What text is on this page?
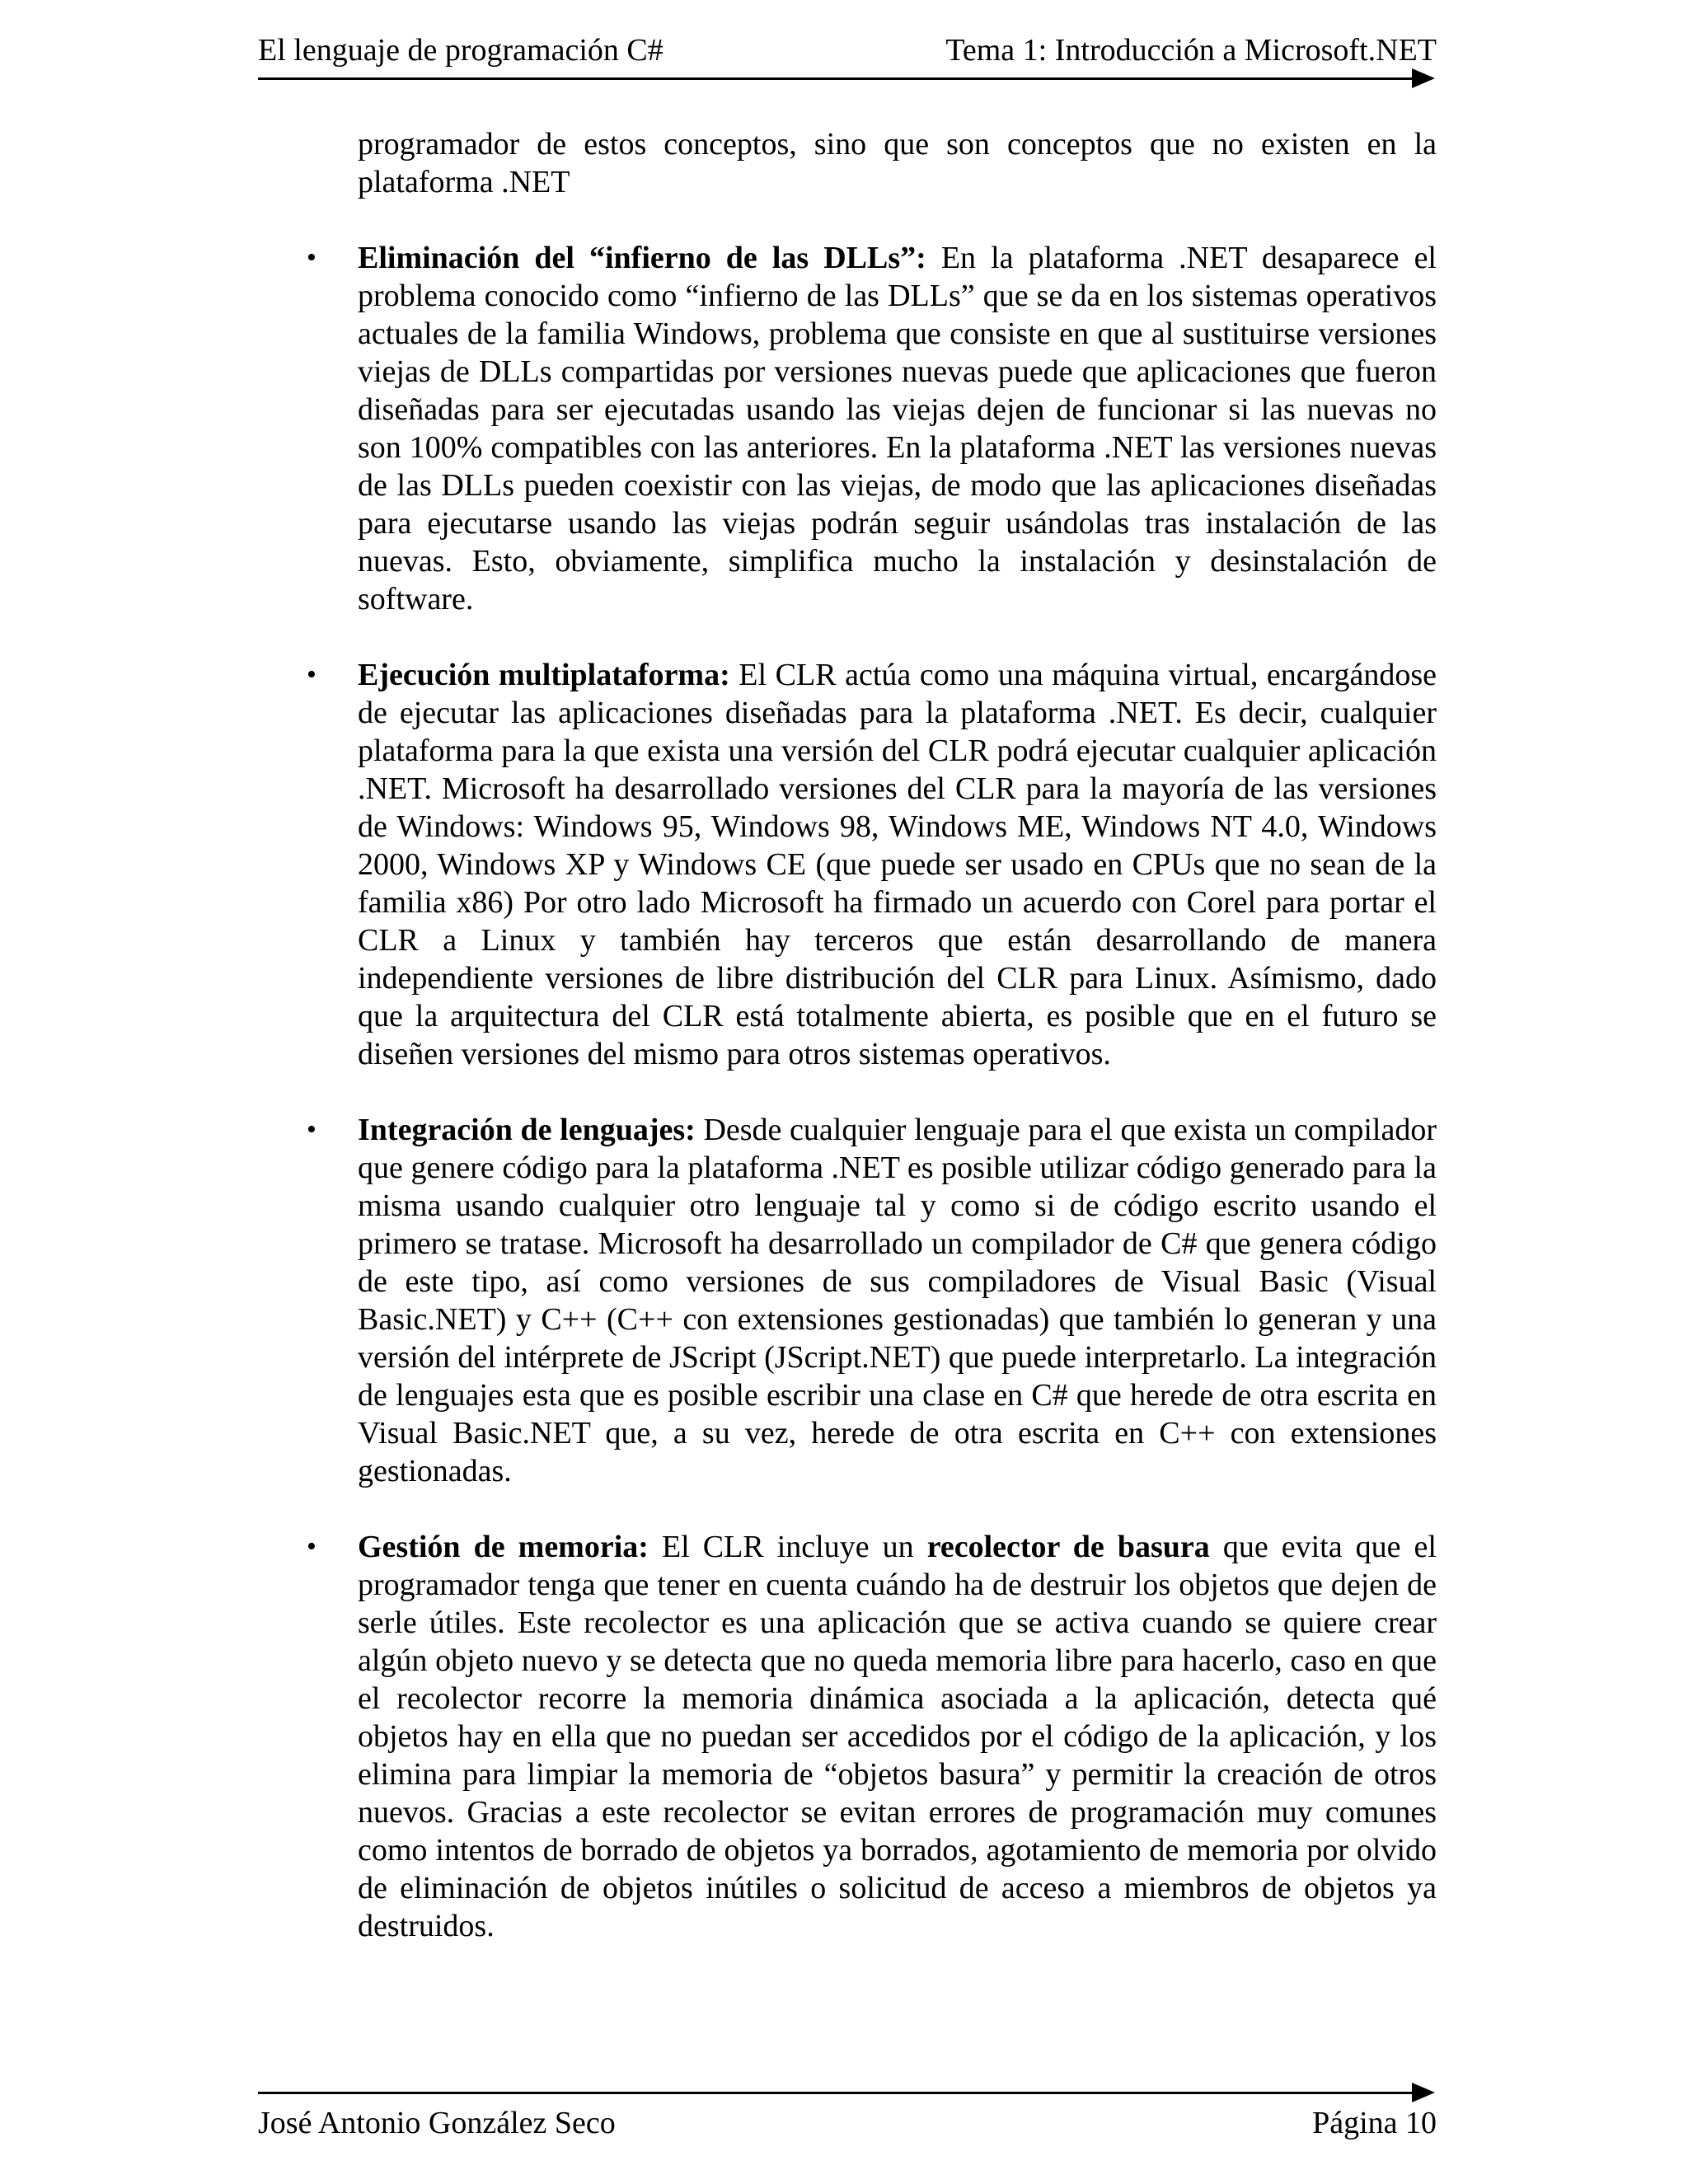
El lenguaje de programación C#	Tema 1: Introducción a Microsoft.NET

programador de estos conceptos, sino que son conceptos que no existen en la plataforma .NET

• Eliminación del “infierno de las DLLs”: En la plataforma .NET desaparece el problema conocido como “infierno de las DLLs” que se da en los sistemas operativos actuales de la familia Windows, problema que consiste en que al sustituirse versiones viejas de DLLs compartidas por versiones nuevas puede que aplicaciones que fueron diseñadas para ser ejecutadas usando las viejas dejen de funcionar si las nuevas no son 100% compatibles con las anteriores. En la plataforma .NET las versiones nuevas de las DLLs pueden coexistir con las viejas, de modo que las aplicaciones diseñadas para ejecutarse usando las viejas podrán seguir usándolas tras instalación de las nuevas. Esto, obviamente, simplifica mucho la instalación y desinstalación de software.
• Ejecución multiplataforma: El CLR actúa como una máquina virtual, encargándose de ejecutar las aplicaciones diseñadas para la plataforma .NET. Es decir, cualquier plataforma para la que exista una versión del CLR podrá ejecutar cualquier aplicación .NET. Microsoft ha desarrollado versiones del CLR para la mayoría de las versiones de Windows: Windows 95, Windows 98, Windows ME, Windows NT 4.0, Windows 2000, Windows XP y Windows CE (que puede ser usado en CPUs que no sean de la familia x86) Por otro lado Microsoft ha firmado un acuerdo con Corel para portar el CLR a Linux y también hay terceros que están desarrollando de manera independiente versiones de libre distribución del CLR para Linux. Asímismo, dado que la arquitectura del CLR está totalmente abierta, es posible que en el futuro se diseñen versiones del mismo para otros sistemas operativos.
• Integración de lenguajes: Desde cualquier lenguaje para el que exista un compilador que genere código para la plataforma .NET es posible utilizar código generado para la misma usando cualquier otro lenguaje tal y como si de código escrito usando el primero se tratase. Microsoft ha desarrollado un compilador de C# que genera código de este tipo, así como versiones de sus compiladores de Visual Basic (Visual Basic.NET) y C++ (C++ con extensiones gestionadas) que también lo generan y una versión del intérprete de JScript (JScript.NET) que puede interpretarlo. La integración de lenguajes esta que es posible escribir una clase en C# que herede de otra escrita en Visual Basic.NET que, a su vez, herede de otra escrita en C++ con extensiones gestionadas.
• Gestión de memoria: El CLR incluye un recolector de basura que evita que el programador tenga que tener en cuenta cuándo ha de destruir los objetos que dejen de serle útiles. Este recolector es una aplicación que se activa cuando se quiere crear algún objeto nuevo y se detecta que no queda memoria libre para hacerlo, caso en que el recolector recorre la memoria dinámica asociada a la aplicación, detecta qué objetos hay en ella que no puedan ser accedidos por el código de la aplicación, y los elimina para limpiar la memoria de “objetos basura” y permitir la creación de otros nuevos. Gracias a este recolector se evitan errores de programación muy comunes como intentos de borrado de objetos ya borrados, agotamiento de memoria por olvido de eliminación de objetos inútiles o solicitud de acceso a miembros de objetos ya destruidos.
José Antonio González Seco	Página 10
